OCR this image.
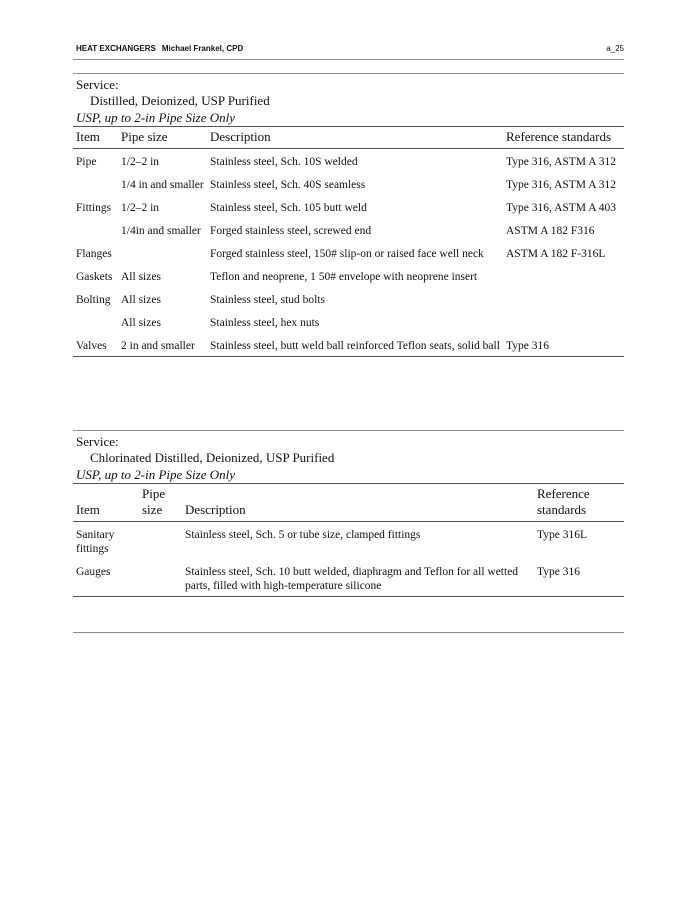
HEAT EXCHANGERS Michael Frankel, CPD	a_25
Service:
Distilled, Deionized, USP Purified
USP, up to 2-in Pipe Size Only
Item	Pipe size	Description	Reference standards
Pipe	1/2–2 in	Stainless steel, Sch. 10S welded	Type 316, ASTM A 312
	1/4 in and smaller	Stainless steel, Sch. 40S seamless	Type 316, ASTM A 312
Fittings	1/2–2 in	Stainless steel, Sch. 105 butt weld	Type 316, ASTM A 403
	1/4in and smaller	Forged stainless steel, screwed end	ASTM A 182 F316
Flanges		Forged stainless steel, 150# slip-on or raised face well neck	ASTM A 182 F-316L
Gaskets	All sizes	Teflon and neoprene, 1 50# envelope with neoprene insert	
Bolting	All sizes	Stainless steel, stud bolts	
	All sizes	Stainless steel, hex nuts	
Valves	2 in and smaller	Stainless steel, butt weld ball reinforced Teflon seats, solid ball	Type 316
Service:
Chlorinated Distilled, Deionized, USP Purified
USP, up to 2-in Pipe Size Only
Item	Pipe size	Description	Reference standards
Sanitary fittings		Stainless steel, Sch. 5 or tube size, clamped fittings	Type 316L
Gauges		Stainless steel, Sch. 10 butt welded, diaphragm and Teflon for all wetted parts, filled with high-temperature silicone	Type 316
